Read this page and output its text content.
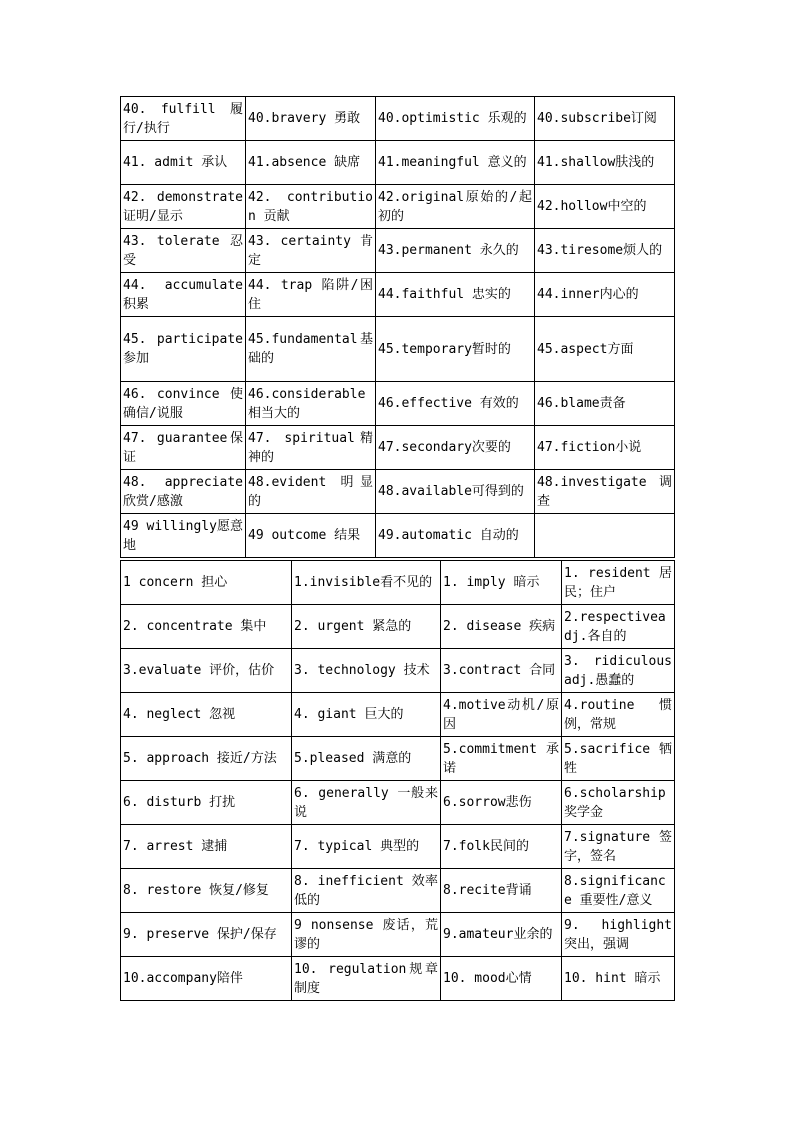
40. fulfill 履行/执行	40.bravery 勇敢	40.optimistic 乐观的	40.subscribe订阅
41. admit 承认	41.absence 缺席	41.meaningful 意义的	41.shallow肤浅的
42. demonstrate 证明/显示	42. contribution 贡献	42.original原始的/起初的	42.hollow中空的
43. tolerate 忍受	43. certainty 肯定	43.permanent 永久的	43.tiresome烦人的
44. accumulate 积累	44. trap 陷阱/困住	44.faithful 忠实的	44.inner内心的
45. participate 参加	45.fundamental基础的	45.temporary暂时的	45.aspect方面
46. convince 使确信/说服	46.considerable相当大的	46.effective 有效的	46.blame责备
47. guarantee保证	47. spiritual精神的	47.secondary次要的	47.fiction小说
48. appreciate 欣赏/感激	48.evident 明显的	48.available可得到的	48.investigate 调查
49 willingly愿意地	49 outcome 结果	49.automatic 自动的	
1 concern 担心	1.invisible看不见的	1. imply 暗示	1. resident 居民；住户
2. concentrate 集中	2. urgent 紧急的	2. disease 疾病	2.respectiveadj.各自的
3.evaluate 评价，估价	3. technology 技术	3.contract 合同	3. ridiculousadj.愚蠢的
4. neglect 忽视	4. giant 巨大的	4.motive动机/原因	4.routine 惯例，常规
5. approach 接近/方法	5.pleased 满意的	5.commitment承诺	5.sacrifice 牺牲
6. disturb 打扰	6. generally 一般来说	6.sorrow悲伤	6.scholarship 奖学金
7. arrest 逮捕	7. typical 典型的	7.folk民间的	7.signature 签字，签名
8. restore 恢复/修复	8. inefficient 效率低的	8.recite背诵	8.significance 重要性/意义
9. preserve 保护/保存	9 nonsense 废话，荒谬的	9.amateur业余的	9. highlight 突出，强调
10.accompany陪伴	10. regulation规章制度	10. mood心情	10. hint 暗示
